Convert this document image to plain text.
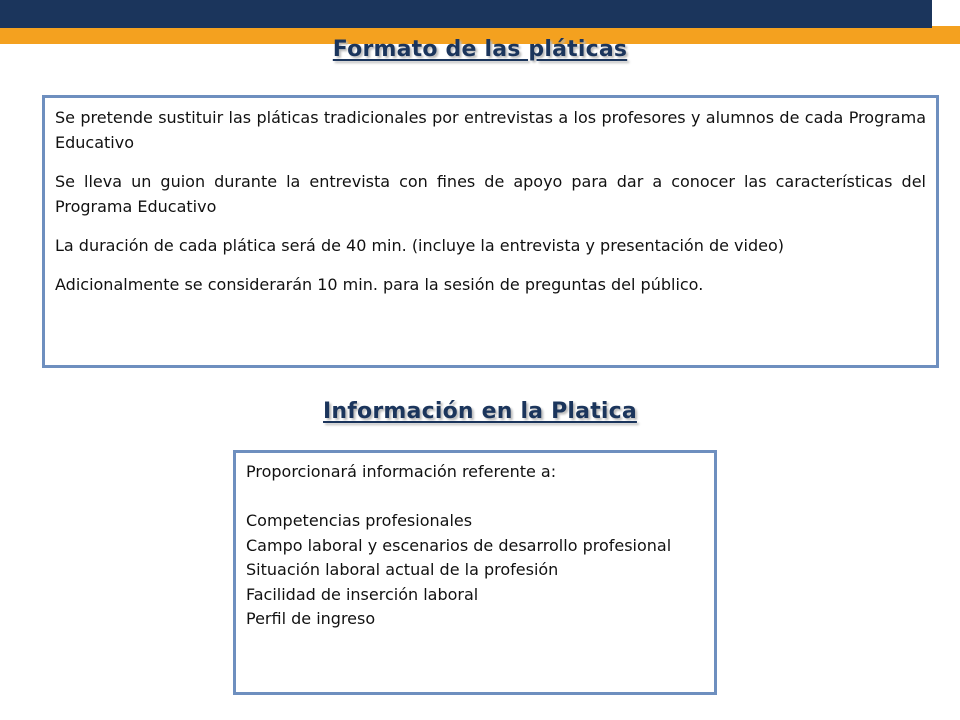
Formato de las pláticas

Se pretende sustituir las pláticas tradicionales por entrevistas a los profesores y alumnos de cada Programa Educativo

Se lleva un guion durante la entrevista con fines de apoyo para dar a conocer las características del Programa Educativo

La duración de cada plática será de 40 min. (incluye la entrevista y presentación de video)

Adicionalmente se considerarán 10 min. para la sesión de preguntas del público.

Información en la Platica
Proporcionará información referente a:
Competencias profesionales
Campo laboral y escenarios de desarrollo profesional
Situación laboral actual de la profesión
Facilidad de inserción laboral
Perfil de ingreso
